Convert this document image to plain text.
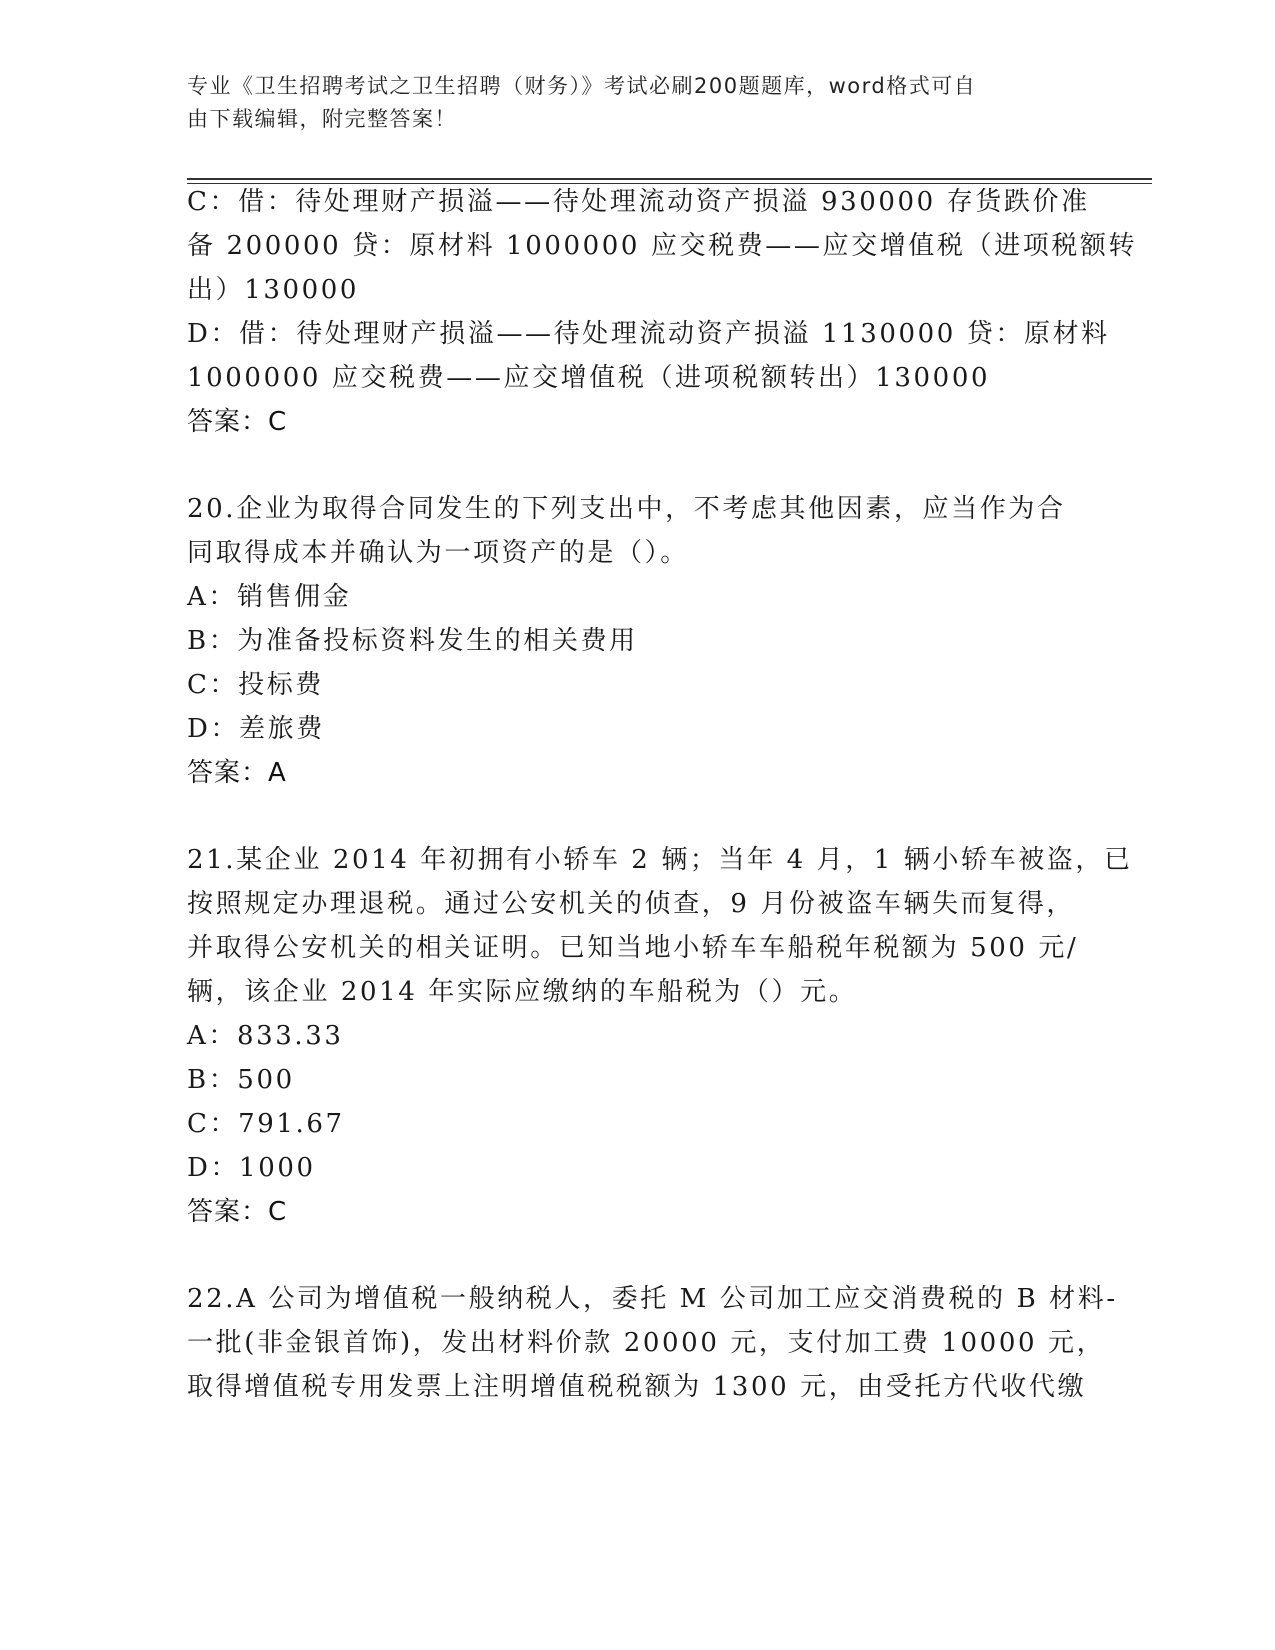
专业《卫生招聘考试之卫生招聘（财务）》考试必刷200题题库，word格式可自
由下载编辑，附完整答案！
C：借：待处理财产损溢——待处理流动资产损溢 930000 存货跌价准
备 200000 贷：原材料 1000000 应交税费——应交增值税（进项税额转
出）130000
D：借：待处理财产损溢——待处理流动资产损溢 1130000 贷：原材料
1000000 应交税费——应交增值税（进项税额转出）130000
答案：C
20.企业为取得合同发生的下列支出中，不考虑其他因素，应当作为合
同取得成本并确认为一项资产的是（）。
A：销售佣金
B：为准备投标资料发生的相关费用
C：投标费
D：差旅费
答案：A
21.某企业 2014 年初拥有小轿车 2 辆；当年 4 月，1 辆小轿车被盗，已
按照规定办理退税。通过公安机关的侦查，9 月份被盗车辆失而复得，
并取得公安机关的相关证明。已知当地小轿车车船税年税额为 500 元/
辆，该企业 2014 年实际应缴纳的车船税为（）元。
A：833.33
B：500
C：791.67
D：1000
答案：C
22.A 公司为增值税一般纳税人，委托 M 公司加工应交消费税的 B 材料-
一批(非金银首饰)，发出材料价款 20000 元，支付加工费 10000 元，
取得增值税专用发票上注明增值税税额为 1300 元，由受托方代收代缴
